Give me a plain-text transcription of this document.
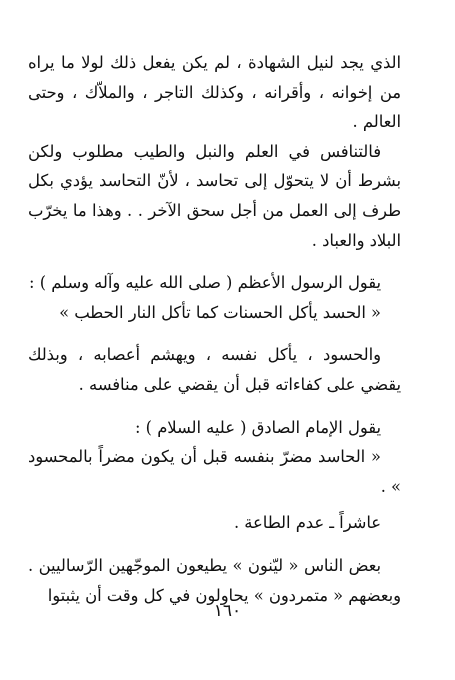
الذي يجد لنيل الشهادة ، لم يكن يفعل ذلك لولا ما يراه من إخوانه ، وأقرانه ، وكذلك التاجر ، والملاّك ، وحتى العالم .

فالتنافس في العلم والنبل والطيب مطلوب ولكن بشرط أن لا يتحوّل إلى تحاسد ، لأنّ التحاسد يؤدي بكل طرف إلى العمل من أجل سحق الآخر . . وهذا ما يخرّب البلاد والعباد .

يقول الرسول الأعظم ( صلى الله عليه وآله وسلم ) :

« الحسد يأكل الحسنات كما تأكل النار الحطب »

والحسود ، يأكل نفسه ، ويهشم أعصابه ، وبذلك يقضي على كفاءاته قبل أن يقضي على منافسه .

يقول الإمام الصادق ( عليه السلام ) :

« الحاسد مضرّ بنفسه قبل أن يكون مضراً بالمحسود » .

عاشراً ـ عدم الطاعة .

بعض الناس « ليّنون » يطيعون الموجّهين الرّساليين . وبعضهم « متمردون » يحاولون في كل وقت أن يثبتوا

١٦٠
